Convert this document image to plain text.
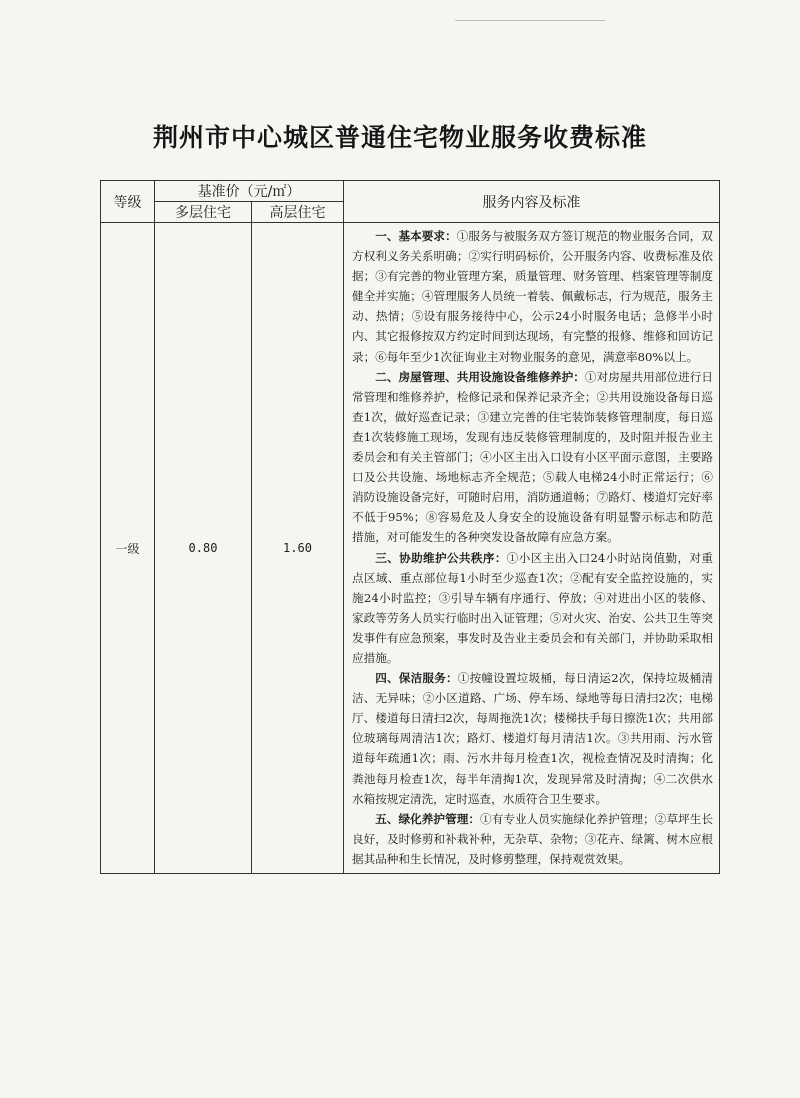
荆州市中心城区普通住宅物业服务收费标准
等级	基准价（元/㎡）		服务内容及标准
	多层住宅	高层住宅	
一级	0.80	1.60	一、基本要求：①服务与被服务双方签订规范的物业服务合同，双方权利义务关系明确；②实行明码标价，公开服务内容、收费标准及依据；③有完善的物业管理方案，质量管理、财务管理、档案管理等制度健全并实施；④管理服务人员统一着装、佩戴标志，行为规范，服务主动、热情；⑤设有服务接待中心，公示24小时服务电话；急修半小时内、其它报修按双方约定时间到达现场，有完整的报修、维修和回访记录；⑥每年至少1次征询业主对物业服务的意见，满意率80%以上。

二、房屋管理、共用设施设备维修养护：①对房屋共用部位进行日常管理和维修养护，检修记录和保养记录齐全；②共用设施设备每日巡查1次，做好巡查记录；③建立完善的住宅装饰装修管理制度，每日巡查1次装修施工现场，发现有违反装修管理制度的，及时阻并报告业主委员会和有关主管部门；④小区主出入口设有小区平面示意图，主要路口及公共设施、场地标志齐全规范；⑤载人电梯24小时正常运行；⑥消防设施设备完好，可随时启用，消防通道畅；⑦路灯、楼道灯完好率不低于95%；⑧容易危及人身安全的设施设备有明显警示标志和防范措施，对可能发生的各种突发设备故障有应急方案。

三、协助维护公共秩序：①小区主出入口24小时站岗值勤，对重点区域、重点部位每1小时至少巡查1次；②配有安全监控设施的，实施24小时监控；③引导车辆有序通行、停放；④对进出小区的装修、家政等劳务人员实行临时出入证管理；⑤对火灾、治安、公共卫生等突发事件有应急预案，事发时及告业主委员会和有关部门，并协助采取相应措施。

四、保洁服务：①按幢设置垃圾桶，每日清运2次，保持垃圾桶清洁、无异味；②小区道路、广场、停车场、绿地等每日清扫2次；电梯厅、楼道每日清扫2次，每周拖洗1次；楼梯扶手每日擦洗1次；共用部位玻璃每周清洁1次；路灯、楼道灯每月清洁1次。③共用雨、污水管道每年疏通1次；雨、污水井每月检查1次，视检查情况及时清掏；化粪池每月检查1次，每半年清掏1次，发现异常及时清掏；④二次供水水箱按规定清洗，定时巡查，水质符合卫生要求。

五、绿化养护管理：①有专业人员实施绿化养护管理；②草坪生长良好，及时修剪和补栽补种，无杂草、杂物；③花卉、绿篱、树木应根据其品种和生长情况，及时修剪整理，保持观赏效果。
